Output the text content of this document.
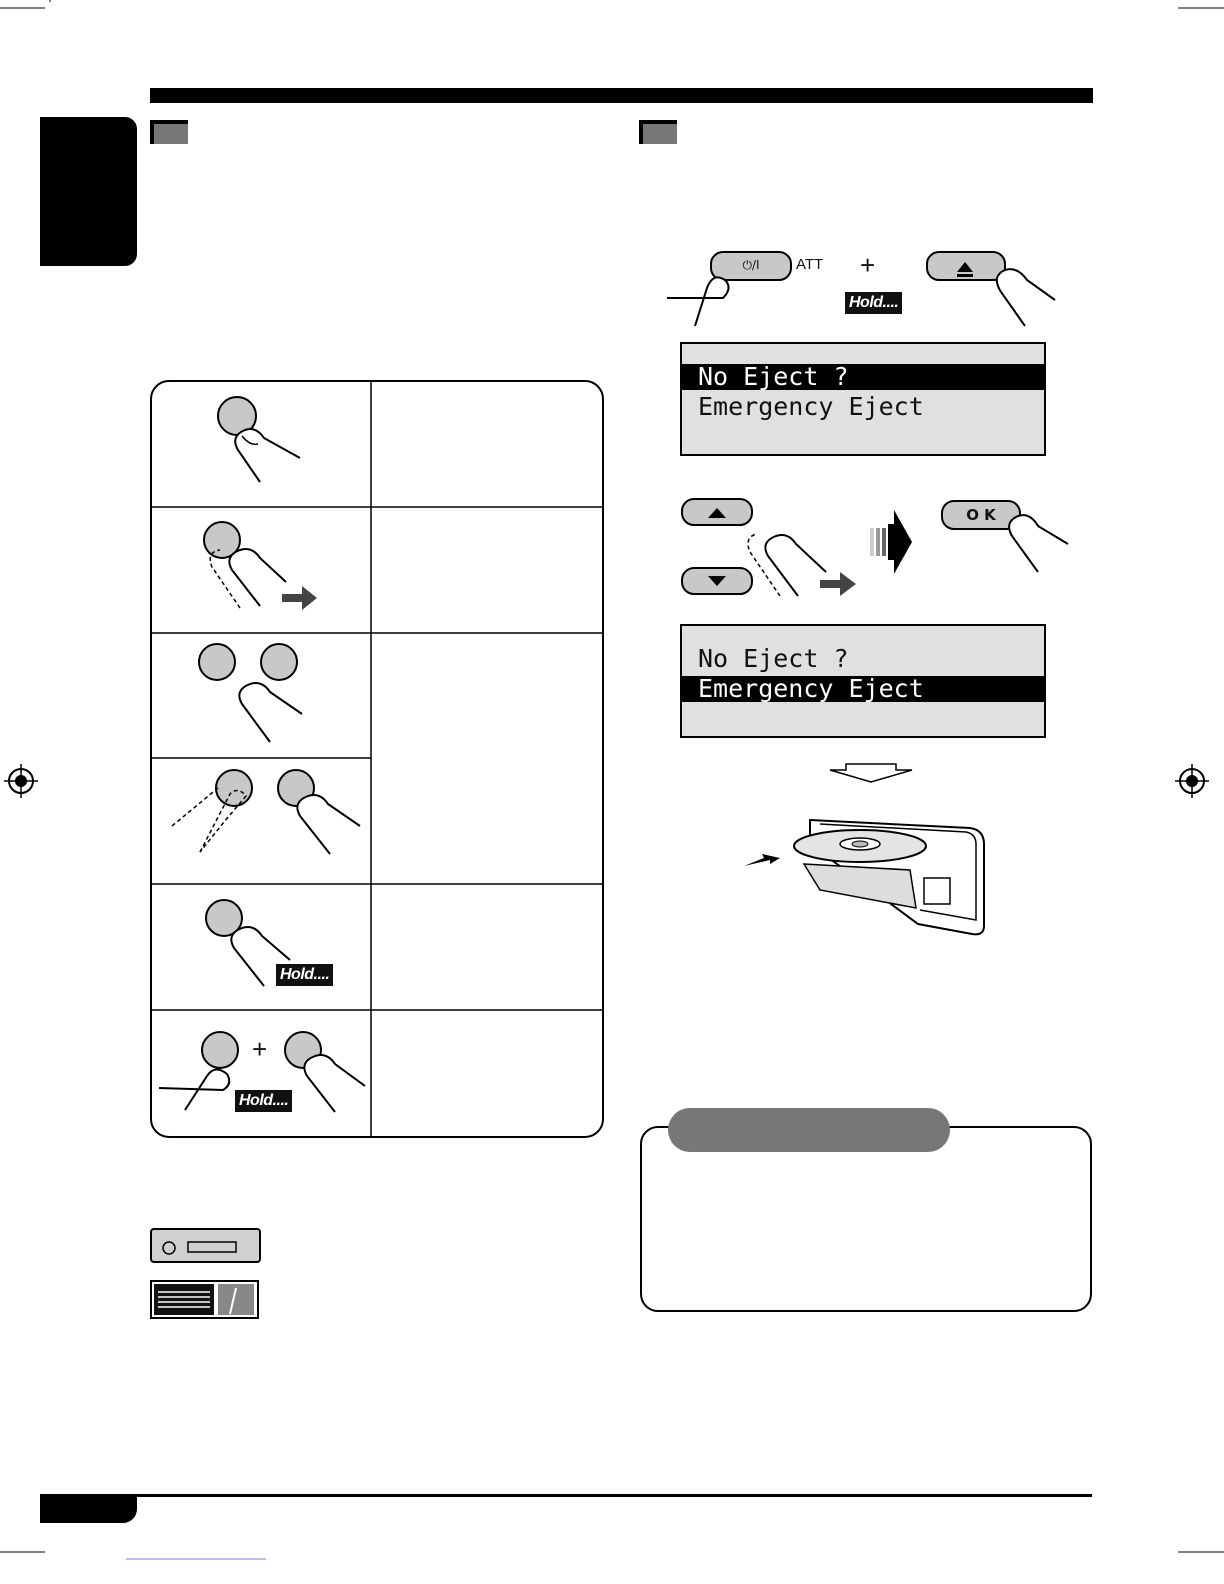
Hold....
+
Hold....
⏻/I	ATT +
Hold....
No Eject ?
Emergency Eject
O K
No Eject ?
Emergency Eject
